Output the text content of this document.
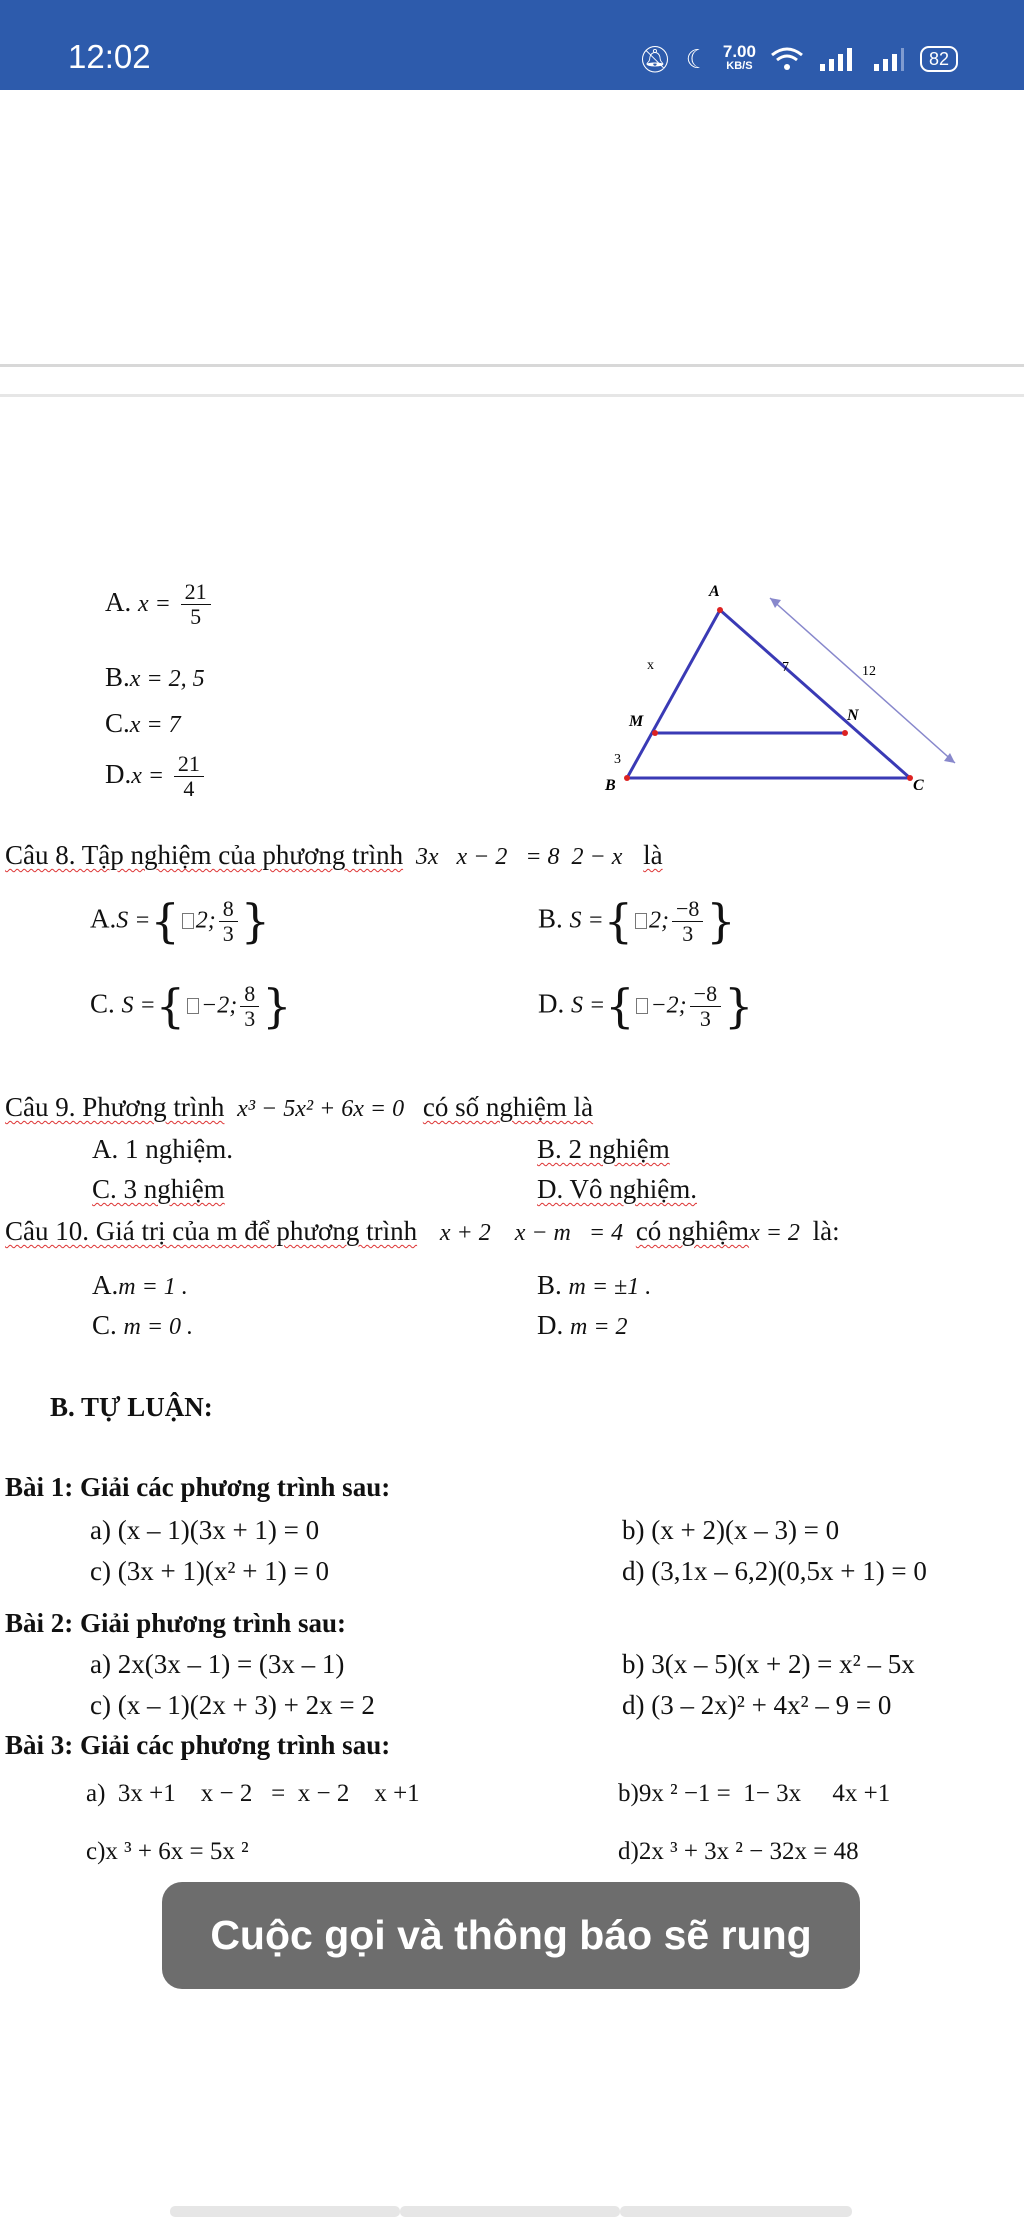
12:02	🔕︎ ☾ 7.00
KB/S	82
A. $x = \frac{21}{5}$
B.x = 2, 5
C.x = 7
$D.x = \frac{21}{4}$
A
M	N
B	C
x	7	12
3
Câu 8. Tập nghiệm của phương trình 3x   x − 2   = 8  2 − x là
A.S ={ 2; $\frac{8}{3}$ }	B. S ={ 2; $\frac{-8}{3}$ }
C. S ={ −2; $\frac{8}{3}$ }	D. S ={ −2; $\frac{-8}{3}$ }
Câu 9. Phương trình x³ − 5x² + 6x = 0 có số nghiệm là
A. 1 nghiệm.	B. 2 nghiệm
C. 3 nghiệm	D. Vô nghiệm.
Câu 10. Giá trị của m để phương trình x + 2    x − m   = 4 có nghiệmx = 2 là:
A.m = 1 .	B. m = ±1 .
C. m = 0 .	D. m = 2
B. TỰ LUẬN:
Bài 1: Giải các phương trình sau:
a) (x – 1)(3x + 1) = 0	b) (x + 2)(x – 3) = 0
c) (3x + 1)(x² + 1) = 0	d) (3,1x – 6,2)(0,5x + 1) = 0
Bài 2: Giải phương trình sau:
a) 2x(3x – 1) = (3x – 1)	b) 3(x – 5)(x + 2) = x² – 5x
c) (x – 1)(2x + 3) + 2x = 2	d) (3 – 2x)² + 4x² – 9 = 0
Bài 3: Giải các phương trình sau:
a)  3x +1    x − 2   =  x − 2    x +1	b)9x ² −1 =  1− 3x     4x +1
c)x ³ + 6x = 5x ²	d)2x ³ + 3x ² − 32x = 48
Cuộc gọi và thông báo sẽ rung
